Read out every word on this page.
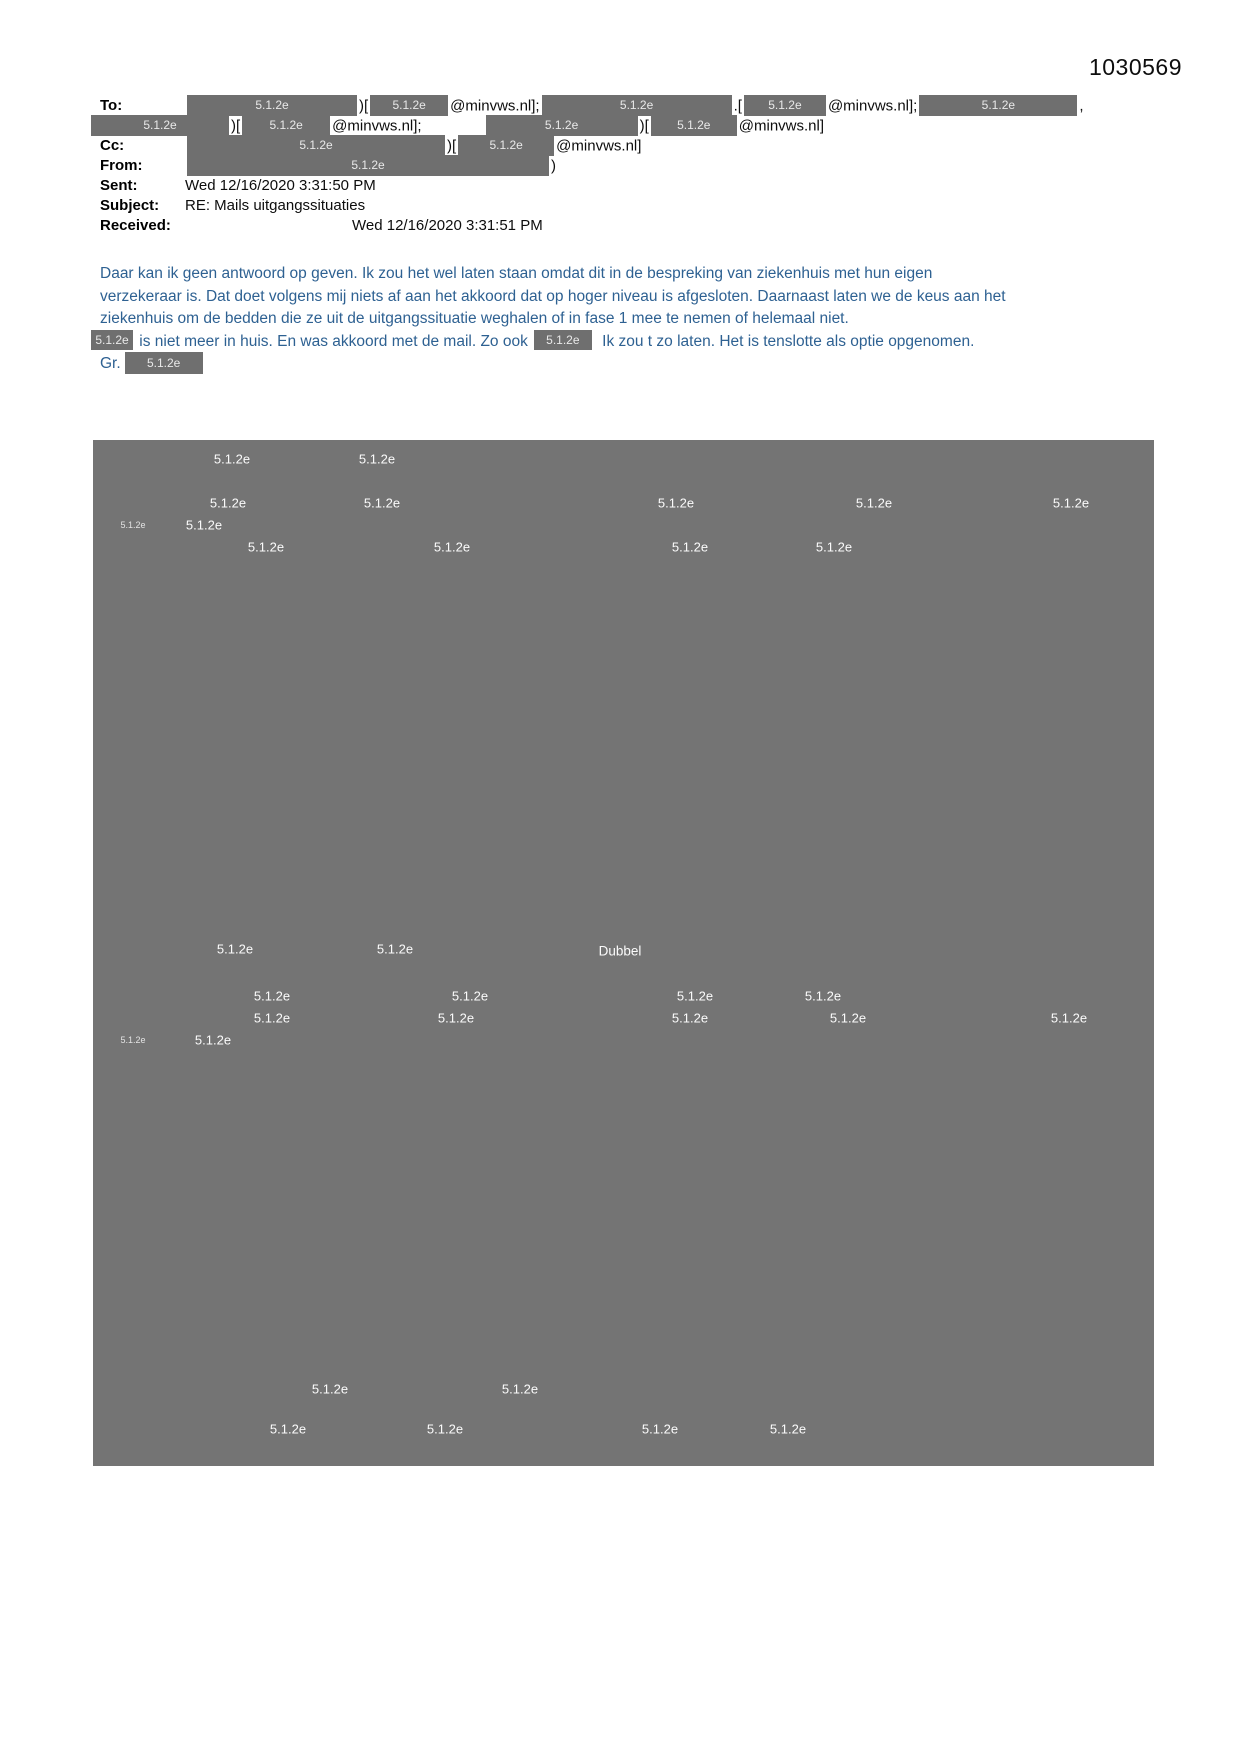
1030569
To:	5.1.2e	)[ 5.1.2e @minvws.nl];	5.1.2e	.[ 5.1.2e @minvws.nl];	5.1.2e	,
5.1.2e	)[ 5.1.2e @minvws.nl];	5.1.2e	)[ 5.1.2e @minvws.nl]
Cc:	5.1.2e	)[	5.1.2e @minvws.nl]
From:	5.1.2e	)
Sent:	Wed 12/16/2020 3:31:50 PM
Subject: RE: Mails uitgangssituaties
Received:	Wed 12/16/2020 3:31:51 PM
Daar kan ik geen antwoord op geven. Ik zou het wel laten staan omdat dit in de bespreking van ziekenhuis met hun eigen
verzekeraar is. Dat doet volgens mij niets af aan het akkoord dat op hoger niveau is afgesloten. Daarnaast laten we de keus aan het
ziekenhuis om de bedden die ze uit de uitgangssituatie weghalen of in fase 1 mee te nemen of helemaal niet.
5.1.2e is niet meer in huis. En was akkoord met de mail. Zo ook 5.1.2e Ik zou t zo laten. Het is tenslotte als optie opgenomen.
Gr. 5.1.2e
5.1.2e	5.1.2e
5.1.2e	5.1.2e	5.1.2e	5.1.2e	5.1.2e
5.1.2e	5.1.2e
5.1.2e	5.1.2e	5.1.2e	5.1.2e
5.1.2e	5.1.2e	Dubbel
5.1.2e	5.1.2e	5.1.2e	5.1.2e
5.1.2e	5.1.2e	5.1.2e	5.1.2e	5.1.2e
5.1.2e	5.1.2e
5.1.2e	5.1.2e
5.1.2e	5.1.2e	5.1.2e	5.1.2e
